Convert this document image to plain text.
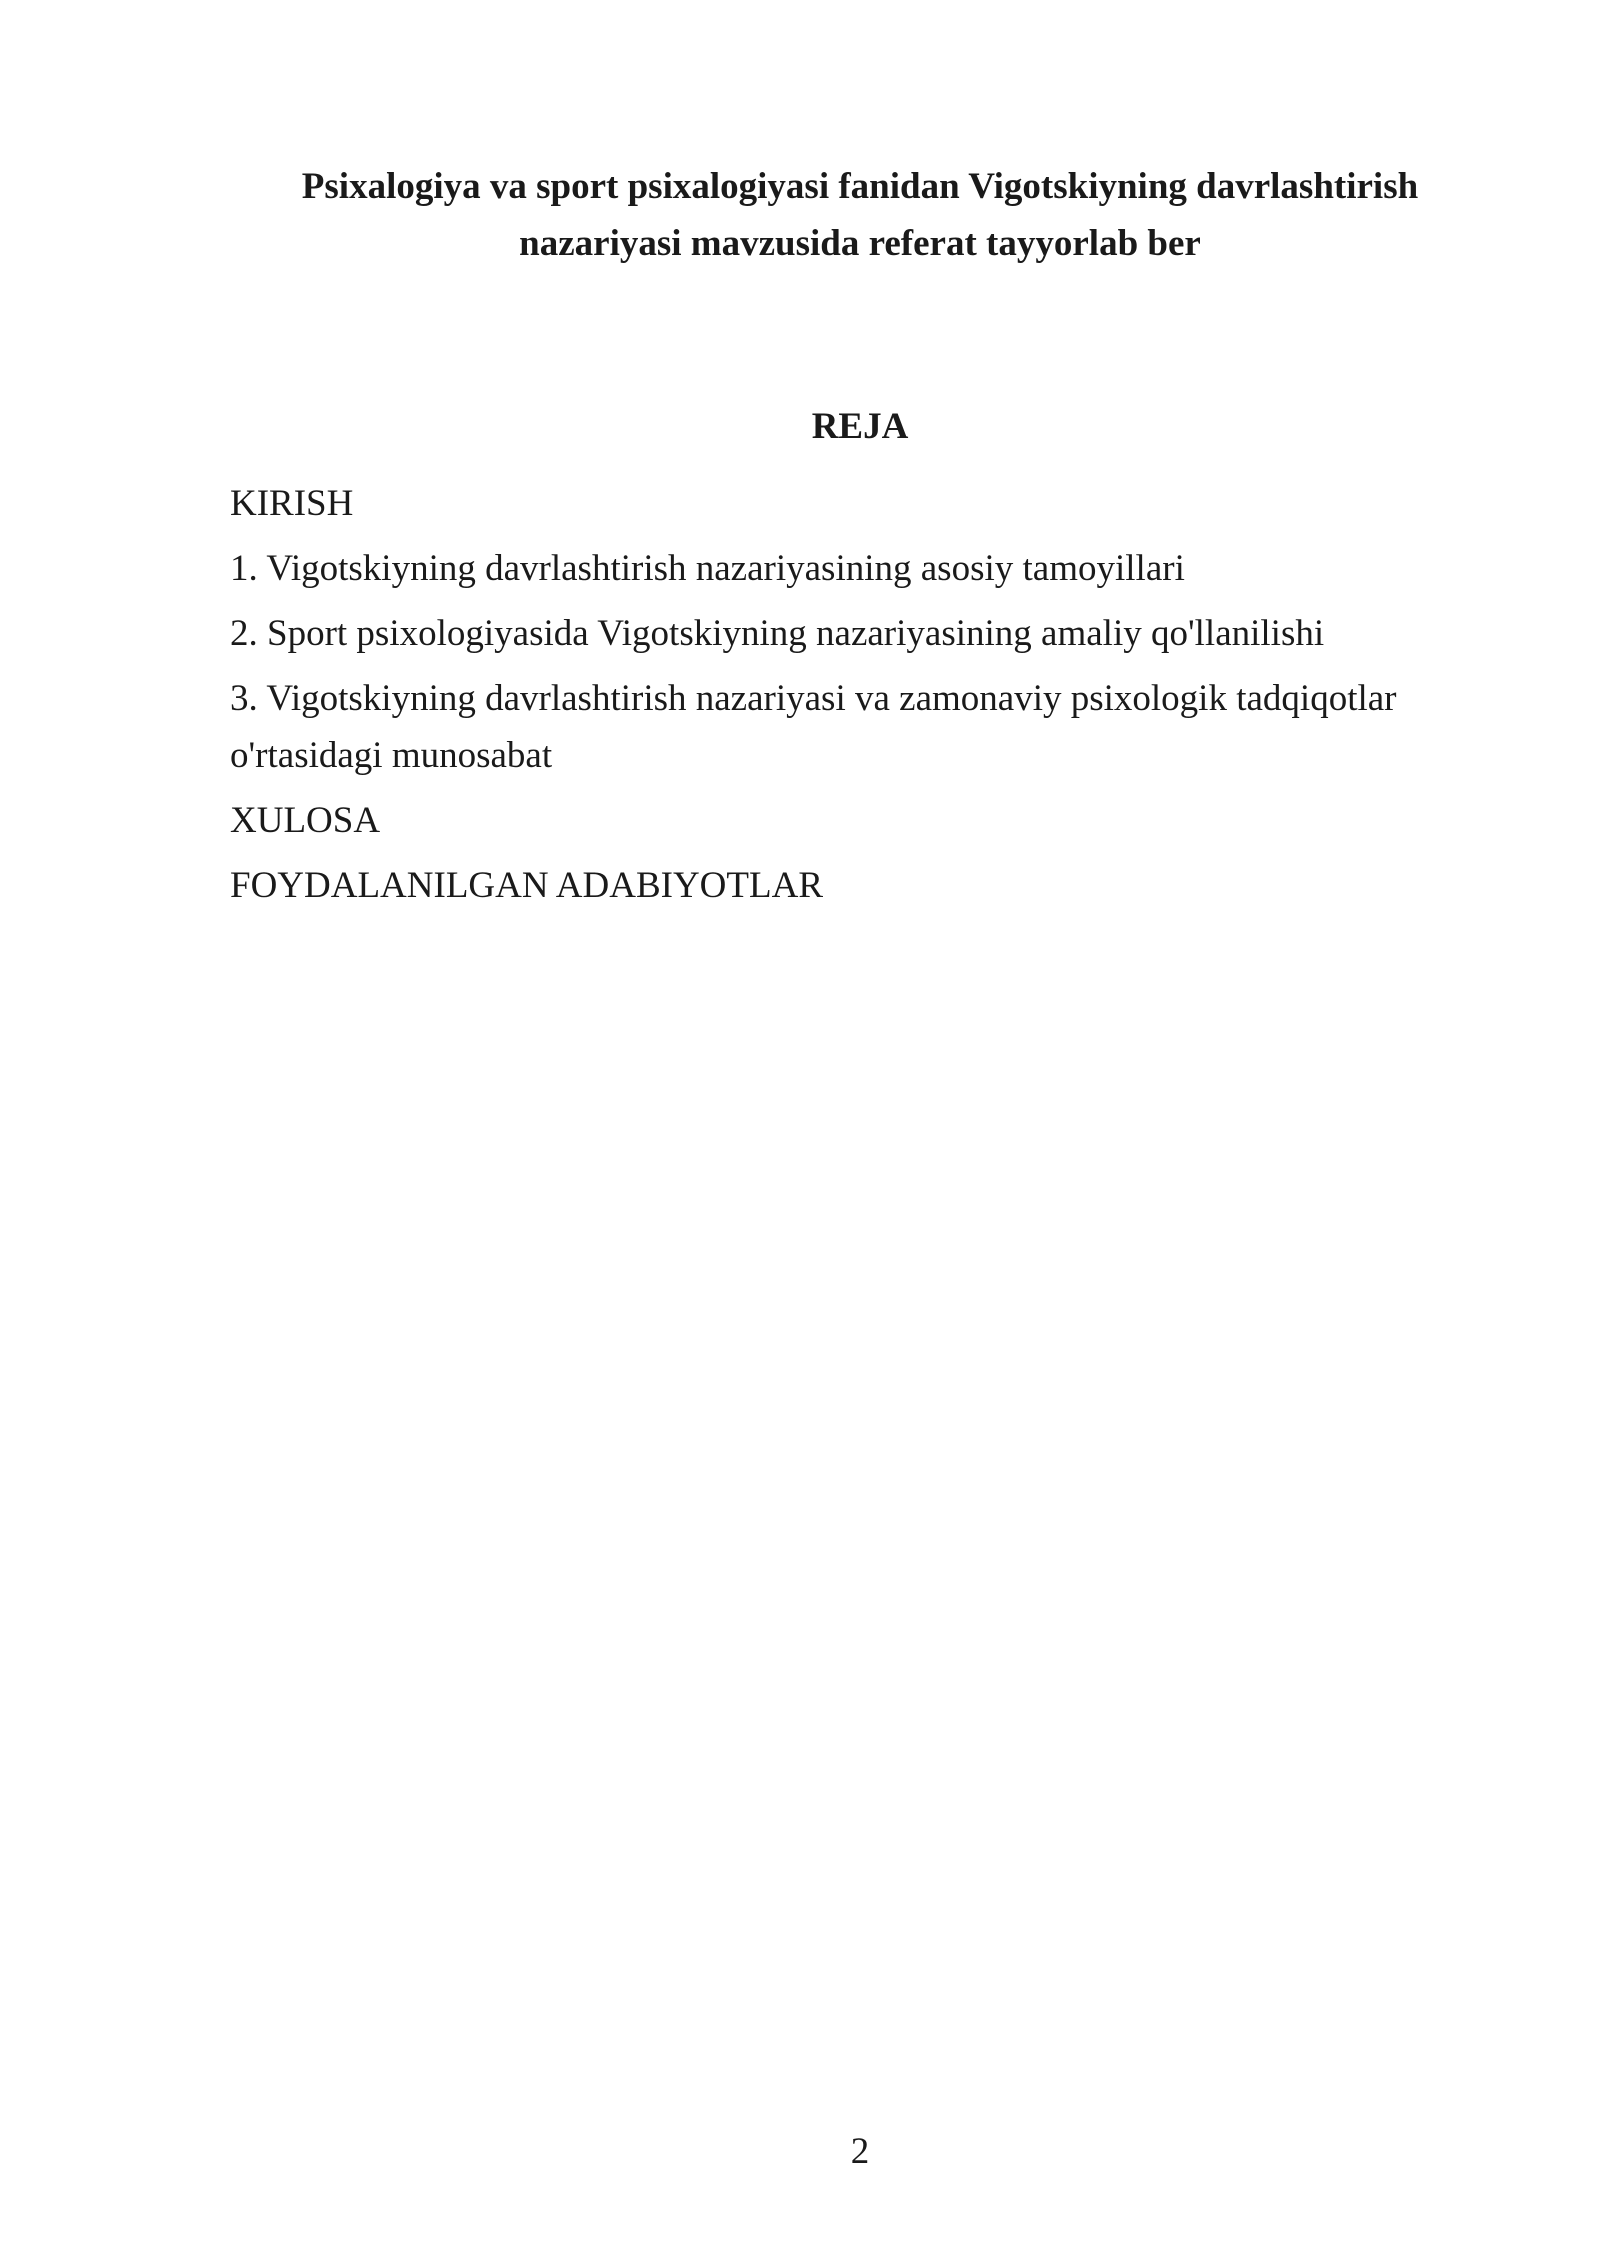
Psixalogiya va sport psixalogiyasi fanidan Vigotskiyning davrlashtirish
nazariyasi mavzusida referat tayyorlab ber
REJA
KIRISH
1. Vigotskiyning davrlashtirish nazariyasining asosiy tamoyillari
2. Sport psixologiyasida Vigotskiyning nazariyasining amaliy qo'llanilishi
3. Vigotskiyning davrlashtirish nazariyasi va zamonaviy psixologik tadqiqotlar o'rtasidagi munosabat
XULOSA
FOYDALANILGAN ADABIYOTLAR
2
